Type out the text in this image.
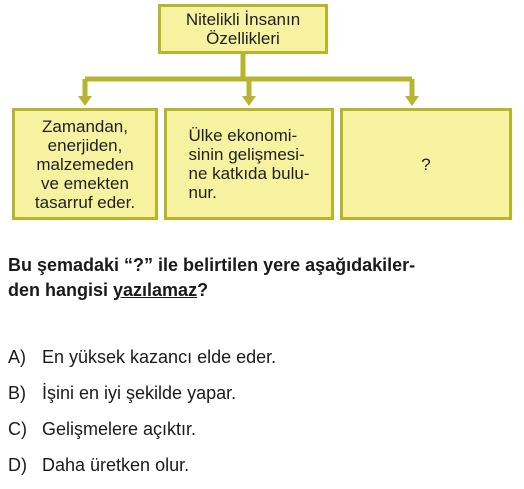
Nitelikli İnsanın
Özellikleri
Zamandan,
enerjiden,
malzemeden
ve emekten
tasarruf eder.
Ülke ekonomi-
sinin gelişmesi-
ne katkıda bulu-
nur.
?
Bu şemadaki “?” ile belirtilen yere aşağıdakiler-
den hangisi yazılamaz?
A) En yüksek kazancı elde eder.
B) İşini en iyi şekilde yapar.
C) Gelişmelere açıktır.
D) Daha üretken olur.
